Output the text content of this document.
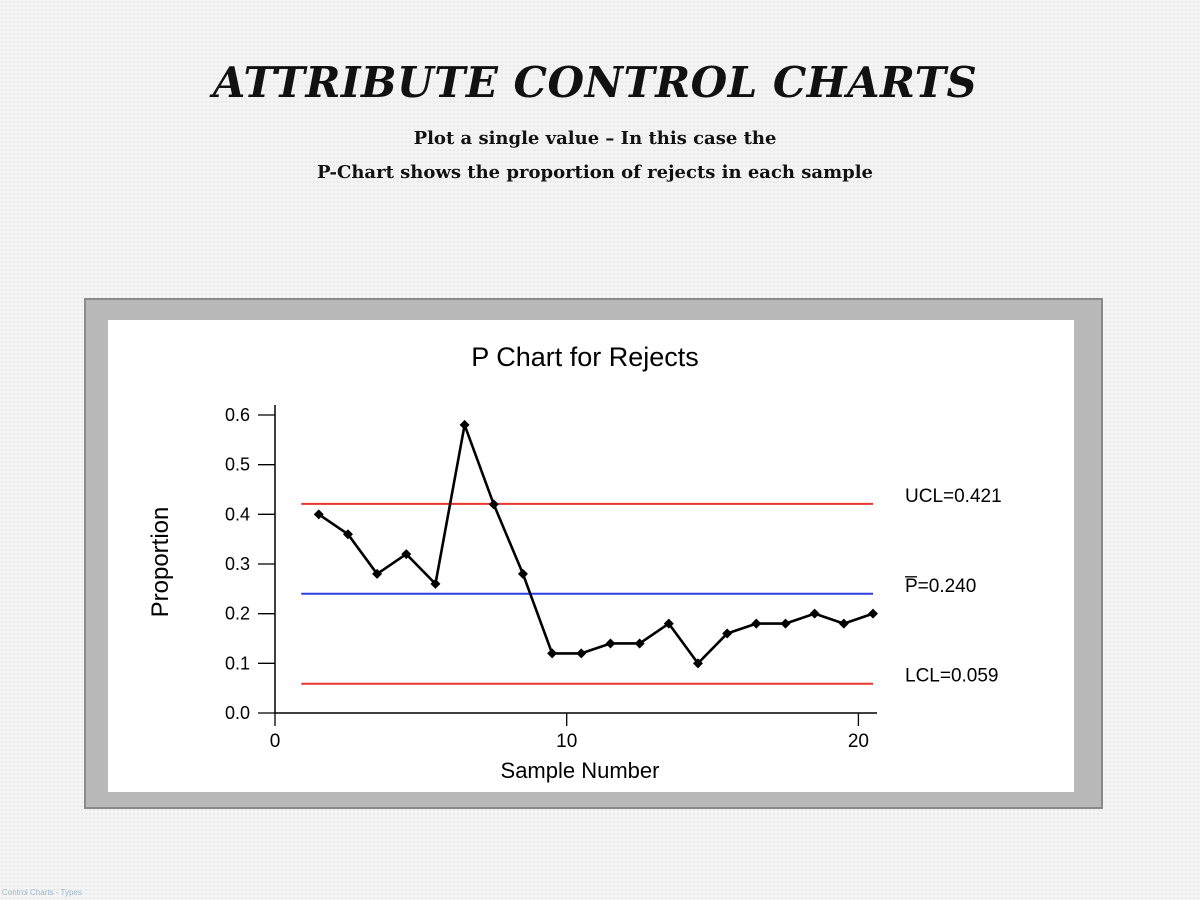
ATTRIBUTE CONTROL CHARTS
Plot a single value – In this case the
P-Chart shows the proportion of rejects in each sample
P Chart for Rejects
Sample Number
Proportion
0.0
0.1
0.2
0.3
0.4
0.5
0.6
0	10	20
UCL=0.421
P=0.240
LCL=0.059
Control Charts - Types
